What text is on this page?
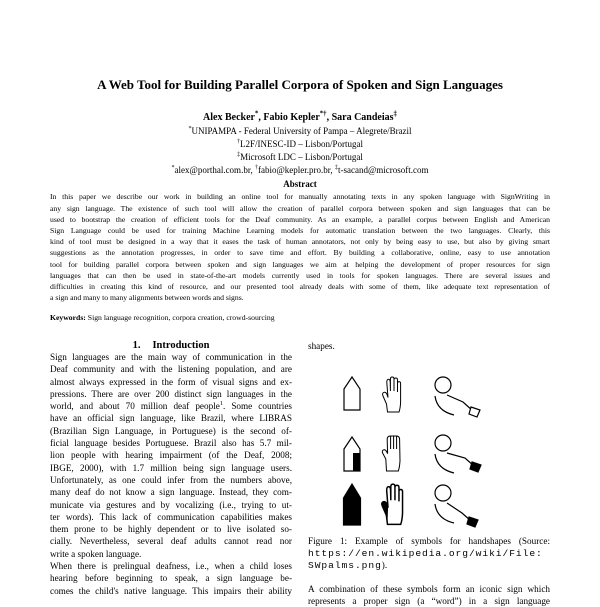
A Web Tool for Building Parallel Corpora of Spoken and Sign Languages
Alex Becker*, Fabio Kepler*†, Sara Candeias‡
*UNIPAMPA - Federal University of Pampa – Alegrete/Brazil
†L2F/INESC-ID – Lisbon/Portugal
‡Microsoft LDC – Lisbon/Portugal
*alex@porthal.com.br, †fabio@kepler.pro.br, ‡t-sacand@microsoft.com
Abstract
In this paper we describe our work in building an online tool for manually annotating texts in any spoken language with SignWriting in
any sign language. The existence of such tool will allow the creation of parallel corpora between spoken and sign languages that can be
used to bootstrap the creation of efficient tools for the Deaf community. As an example, a parallel corpus between English and American
Sign Language could be used for training Machine Learning models for automatic translation between the two languages. Clearly, this
kind of tool must be designed in a way that it eases the task of human annotators, not only by being easy to use, but also by giving smart
suggestions as the annotation progresses, in order to save time and effort. By building a collaborative, online, easy to use annotation
tool for building parallel corpora between spoken and sign languages we aim at helping the development of proper resources for sign
languages that can then be used in state-of-the-art models currently used in tools for spoken languages. There are several issues and
difficulties in creating this kind of resource, and our presented tool already deals with some of them, like adequate text representation of
a sign and many to many alignments between words and signs.
Keywords: Sign language recognition, corpora creation, crowd-sourcing
1. Introduction
Sign languages are the main way of communication in the
Deaf community and with the listening population, and are
almost always expressed in the form of visual signs and ex-
pressions. There are over 200 distinct sign languages in the
world, and about 70 million deaf people$^1$. Some countries
have an official sign language, like Brazil, where LIBRAS
(Brazilian Sign Language, in Portuguese) is the second of-
ficial language besides Portuguese. Brazil also has 5.7 mil-
lion people with hearing impairment (of the Deaf, 2008;
IBGE, 2000), with 1.7 million being sign language users.
Unfortunately, as one could infer from the numbers above,
many deaf do not know a sign language. Instead, they com-
municate via gestures and by vocalizing (i.e., trying to ut-
ter words). This lack of communication capabilities makes
them prone to be highly dependent or to live isolated so-
cially. Nevertheless, several deaf adults cannot read nor
write a spoken language.
When there is prelingual deafness, i.e., when a child loses
hearing before beginning to speak, a sign language be-
comes the child's native language. This impairs their ability
shapes.
Figure 1: Example of symbols for handshapes (Source:
https://en.wikipedia.org/wiki/File:
SWpalms.png).
A combination of these symbols form an iconic sign which
represents a proper sign (a “word”) in a sign language
